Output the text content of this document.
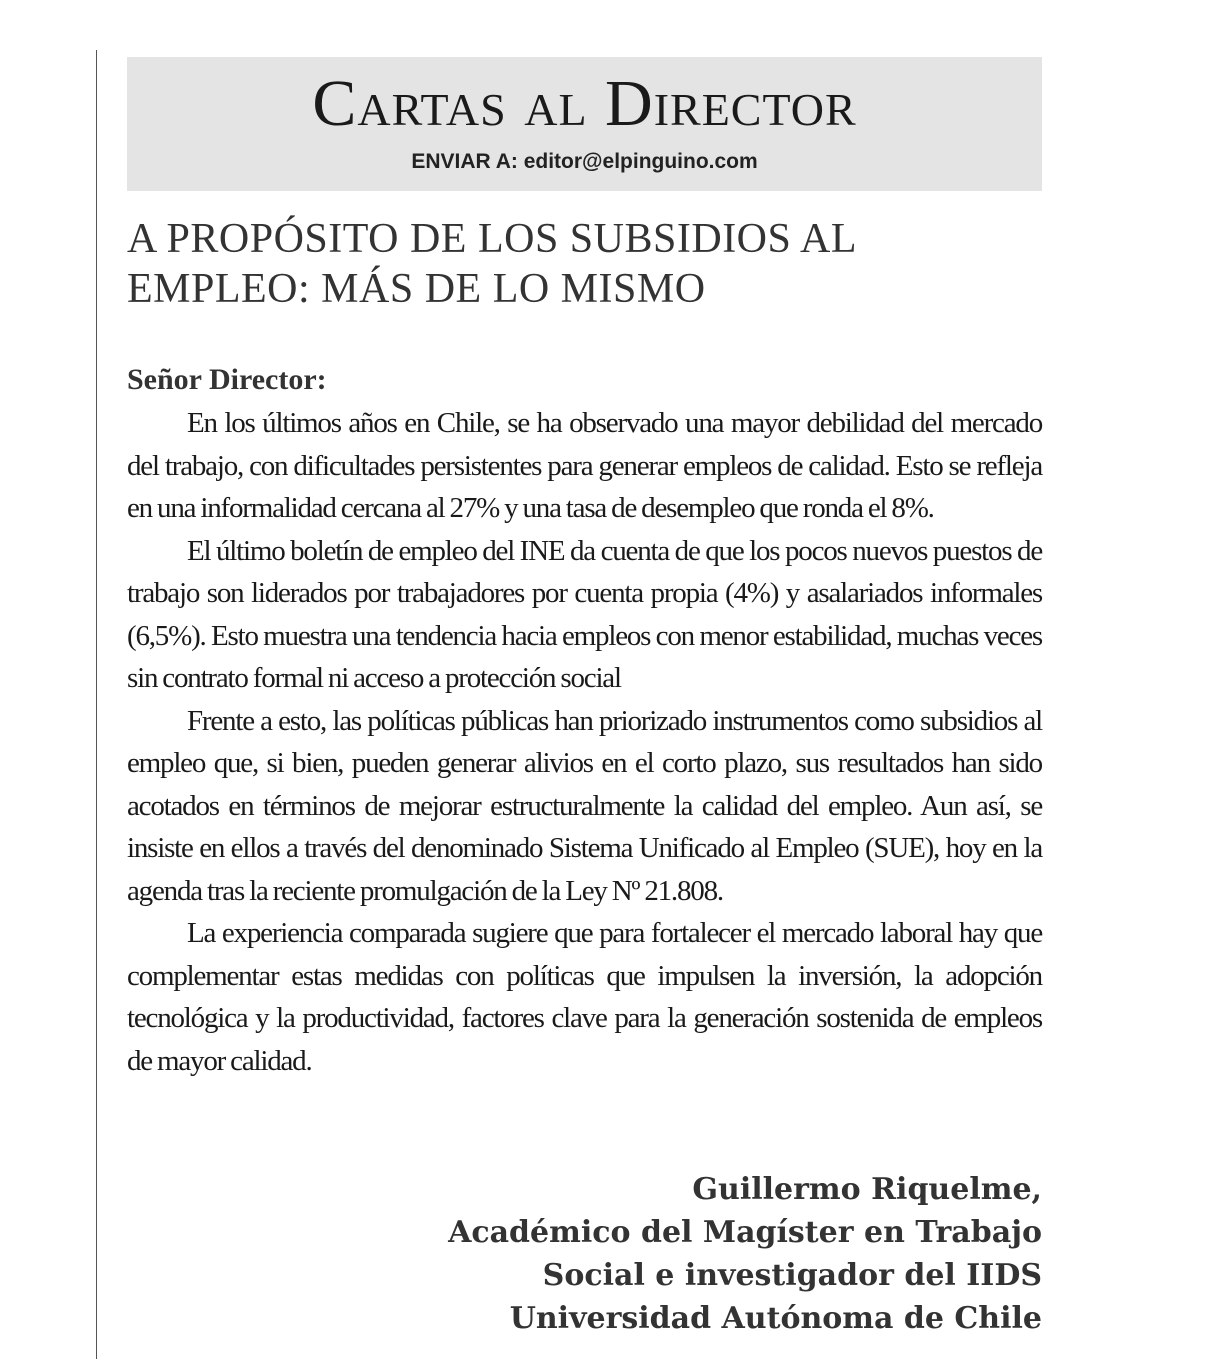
Cartas al Director
ENVIAR A: editor@elpinguino.com
A PROPÓSITO DE LOS SUBSIDIOS AL
EMPLEO: MÁS DE LO MISMO
Señor Director:

En los últimos años en Chile, se ha observado una mayor debilidad del mercado del trabajo, con dificultades persistentes para generar empleos de calidad. Esto se refleja en una informalidad cercana al 27% y una tasa de desempleo que ronda el 8%.

El último boletín de empleo del INE da cuenta de que los pocos nuevos puestos de trabajo son liderados por trabajadores por cuenta propia (4%) y asalariados informales (6,5%). Esto muestra una tendencia hacia empleos con menor estabilidad, muchas veces sin contrato formal ni acceso a protección social

Frente a esto, las políticas públicas han priorizado instrumentos como subsidios al empleo que, si bien, pueden generar alivios en el corto plazo, sus resultados han sido acotados en términos de mejorar estructuralmente la calidad del empleo. Aun así, se insiste en ellos a través del denominado Sistema Unificado al Empleo (SUE), hoy en la agenda tras la reciente promulgación de la Ley Nº 21.808.

La experiencia comparada sugiere que para fortalecer el mercado laboral hay que complementar estas medidas con políticas que impulsen la inversión, la adopción tecnológica y la productividad, factores clave para la generación sostenida de empleos de mayor calidad.

Guillermo Riquelme,
Académico del Magíster en Trabajo
Social e investigador del IIDS
Universidad Autónoma de Chile
